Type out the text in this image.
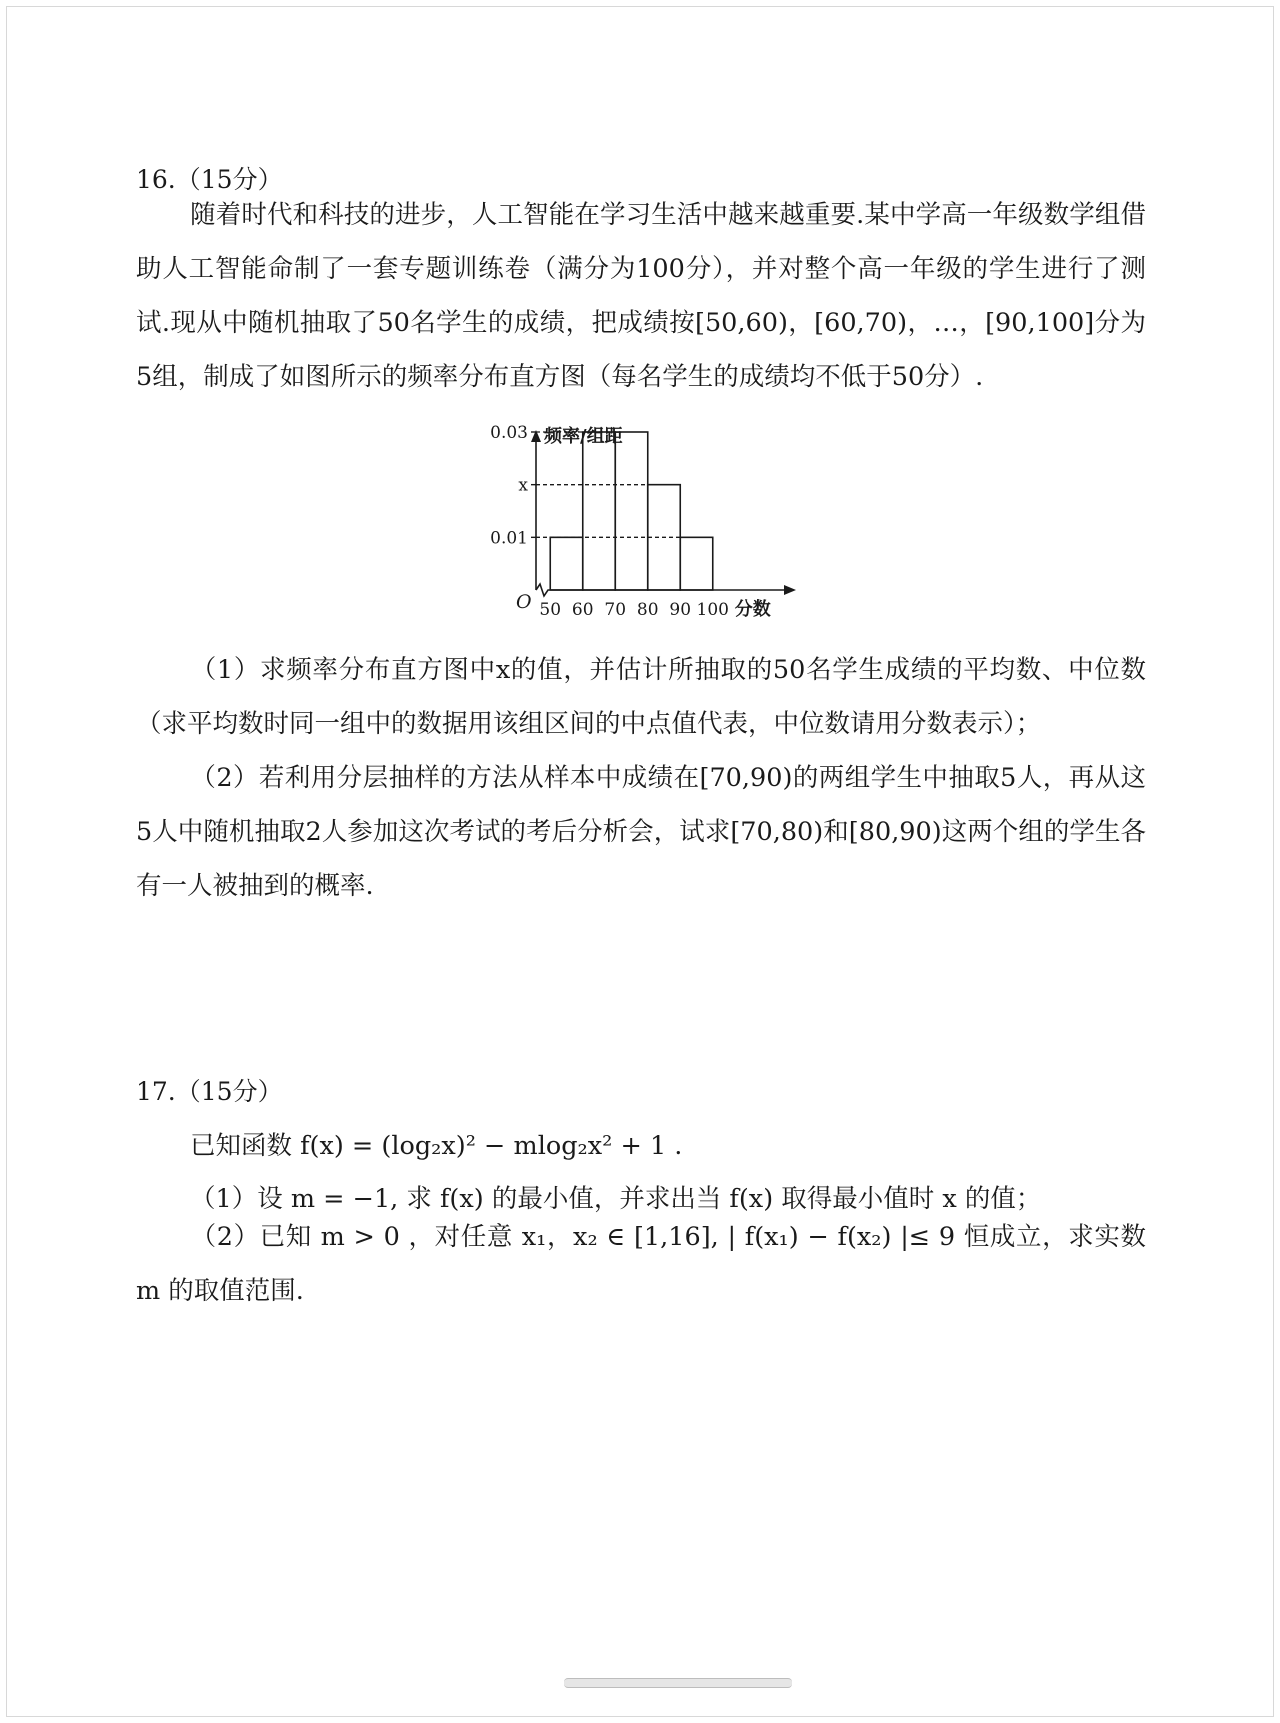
16.（15分）

随着时代和科技的进步，人工智能在学习生活中越来越重要.某中学高一年级数学组借助人工智能命制了一套专题训练卷（满分为100分），并对整个高一年级的学生进行了测试.现从中随机抽取了50名学生的成绩，把成绩按[50,60)，[60,70)，…，[90,100]分为5组，制成了如图所示的频率分布直方图（每名学生的成绩均不低于50分）.

0.03
x
0.01
频率/组距
O 50 60 70 80 90 100 分数

（1）求频率分布直方图中x的值，并估计所抽取的50名学生成绩的平均数、中位数（求平均数时同一组中的数据用该组区间的中点值代表，中位数请用分数表示）；

（2）若利用分层抽样的方法从样本中成绩在[70,90)的两组学生中抽取5人，再从这5人中随机抽取2人参加这次考试的考后分析会，试求[70,80)和[80,90)这两个组的学生各有一人被抽到的概率.

17.（15分）
已知函数 f(x) = (log₂x)² − mlog₂x² + 1 .
（1）设 m = −1, 求 f(x) 的最小值，并求出当 f(x) 取得最小值时 x 的值；

（2）已知 m > 0 ，对任意 x₁，x₂ ∈ [1,16], | f(x₁) − f(x₂) |≤ 9 恒成立，求实数 m 的取值范围.
